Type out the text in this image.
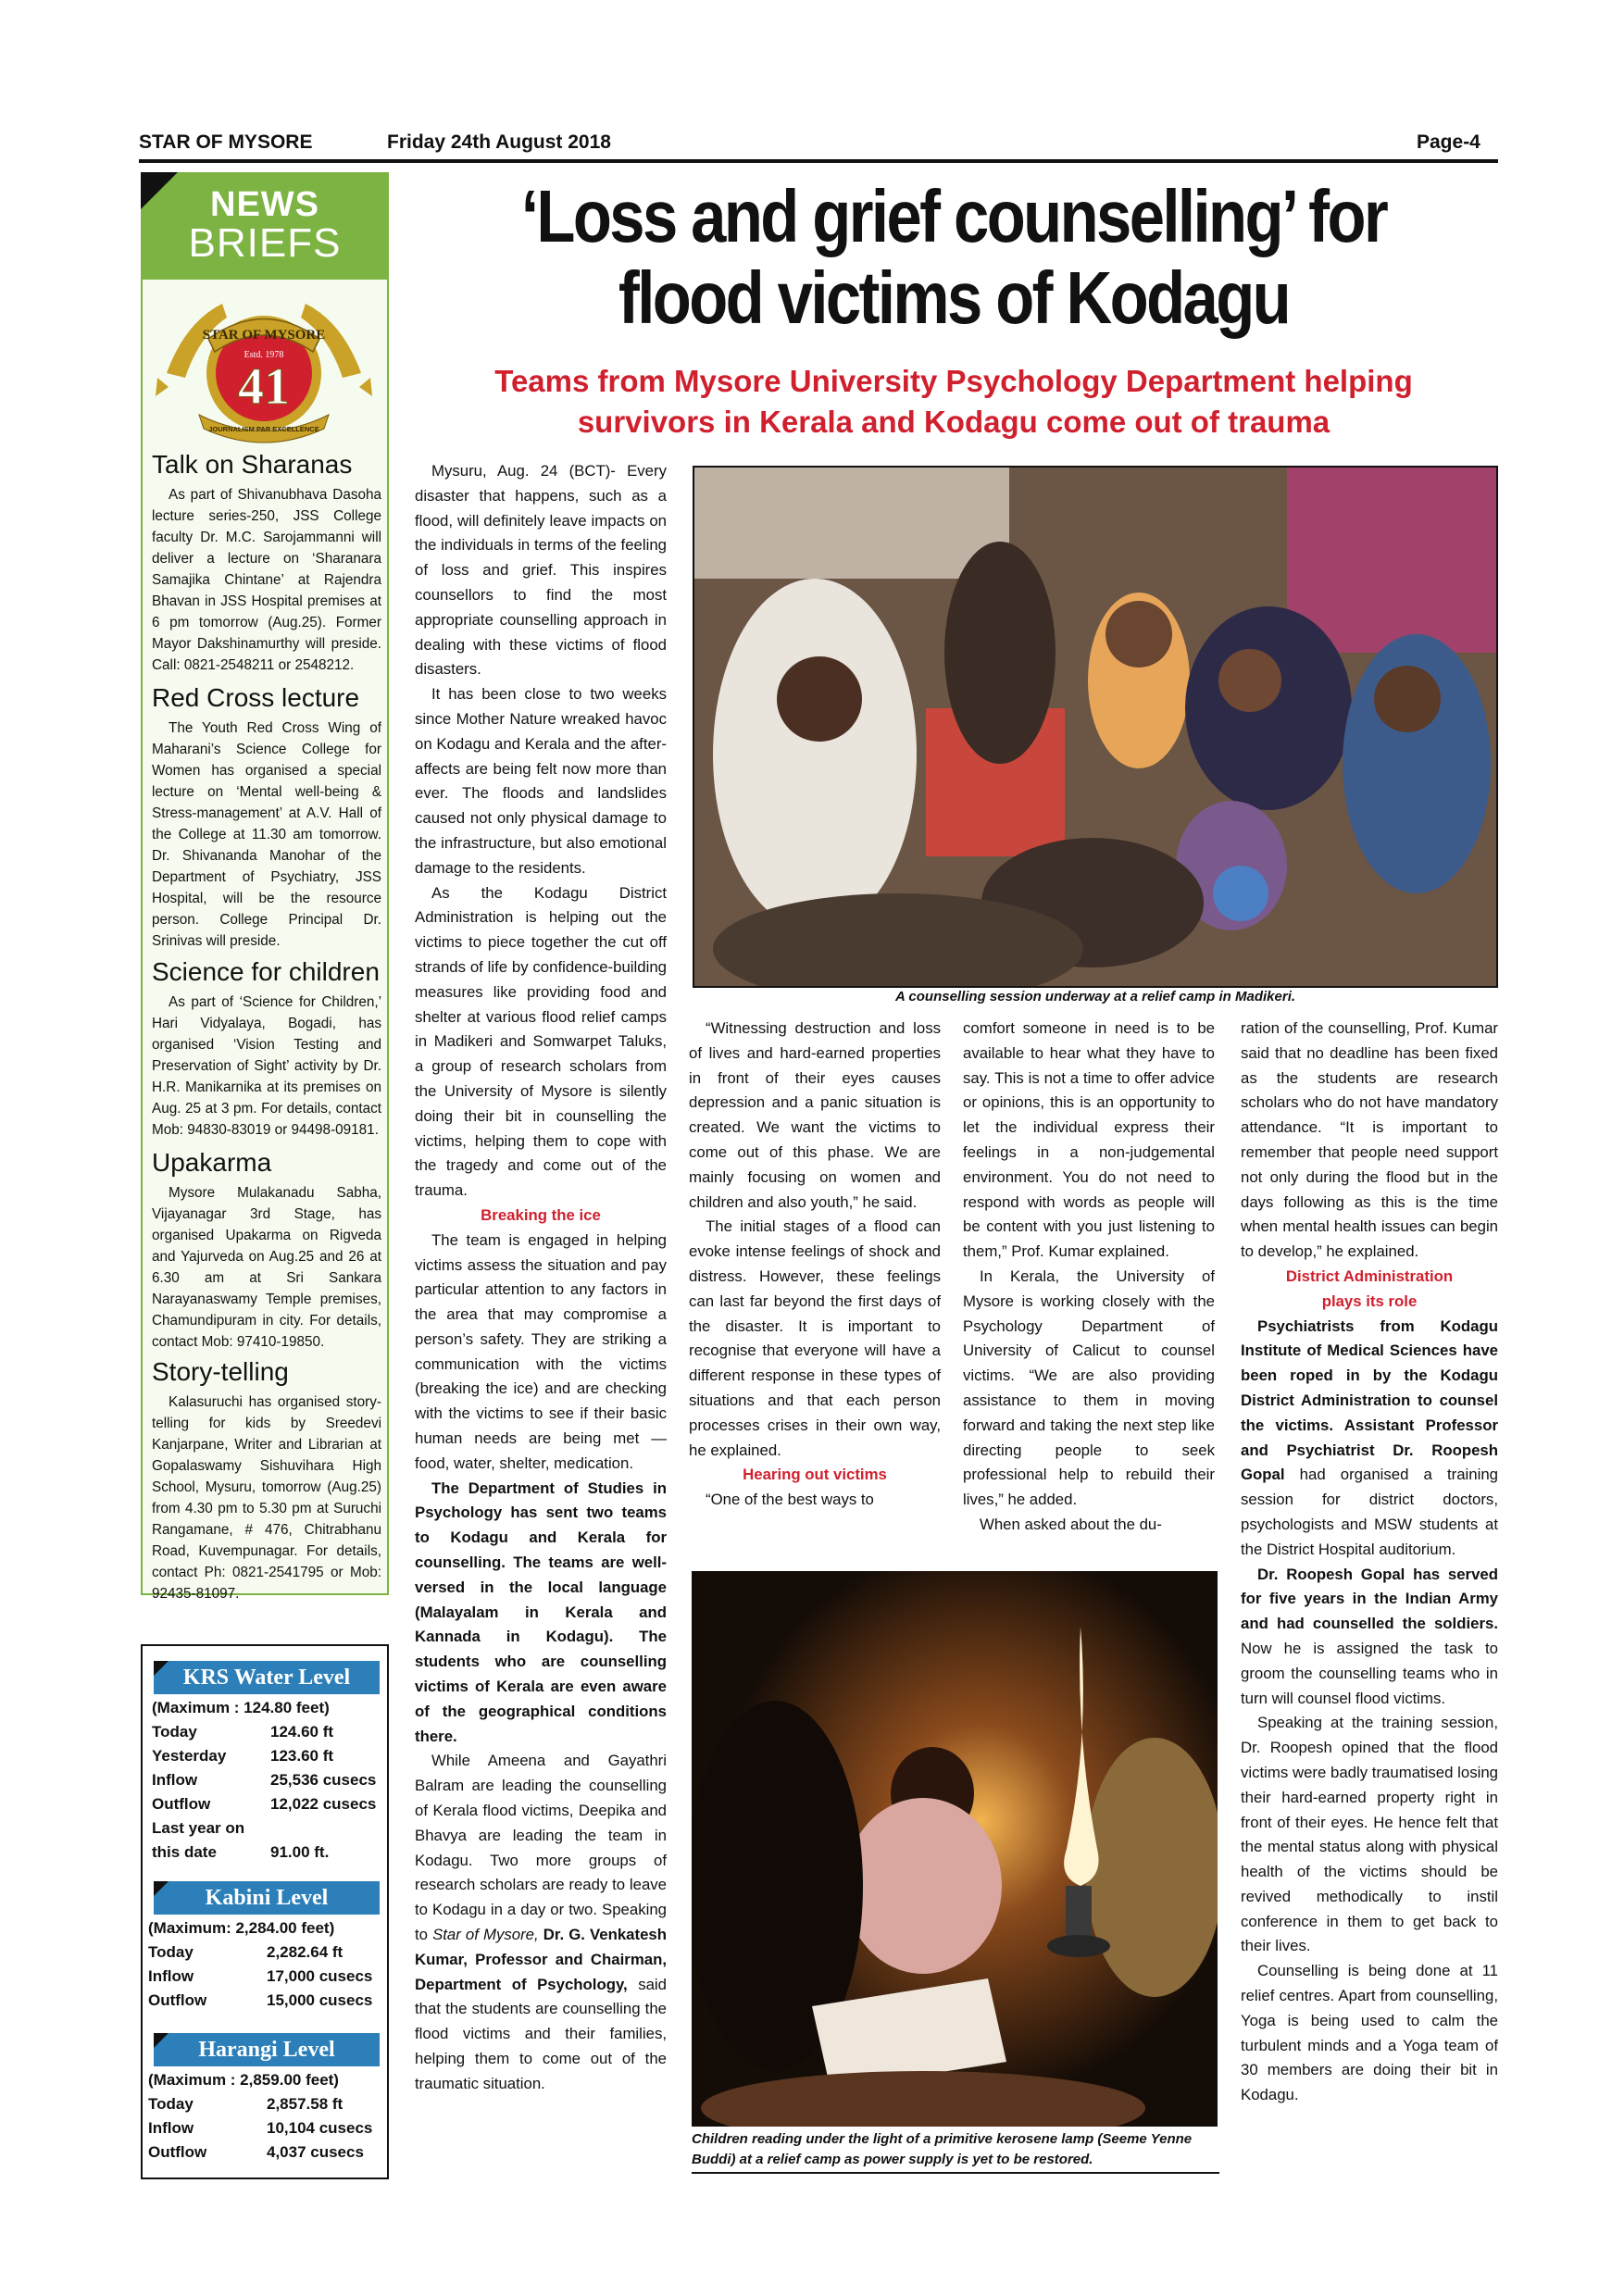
STAR OF MYSORE	Friday 24th August 2018	Page-4
NEWS
BRIEFS
STAR OF MYSORE
Estd. 1978
41
JOURNALISM PAR EXCELLENCE
Talk on Sharanas

As part of Shivanubhava Dasoha lecture series-250, JSS College faculty Dr. M.C. Sarojammanni will deliver a lecture on ‘Sharanara Samajika Chintane’ at Rajendra Bhavan in JSS Hospital premises at 6 pm tomorrow (Aug.25). Former Mayor Dakshinamurthy will preside. Call: 0821-2548211 or 2548212.

Red Cross lecture

The Youth Red Cross Wing of Maharani’s Science College for Women has organised a special lecture on ‘Mental well-being & Stress-management’ at A.V. Hall of the College at 11.30 am tomorrow. Dr. Shivananda Manohar of the Department of Psychiatry, JSS Hospital, will be the resource person. College Principal Dr. Srinivas will preside.

Science for children

As part of ‘Science for Children,’ Hari Vidyalaya, Bogadi, has organised ‘Vision Testing and Preservation of Sight’ activity by Dr. H.R. Manikarnika at its premises on Aug. 25 at 3 pm. For details, contact Mob: 94830-83019 or 94498-09181.

Upakarma

Mysore Mulakanadu Sabha, Vijayanagar 3rd Stage, has organised Upakarma on Rigveda and Yajurveda on Aug.25 and 26 at 6.30 am at Sri Sankara Narayanaswamy Temple premises, Chamundipuram in city. For details, contact Mob: 97410-19850.

Story-telling

Kalasuruchi has organised story-telling for kids by Sreedevi Kanjarpane, Writer and Librarian at Gopalaswamy Sishuvihara High School, Mysuru, tomorrow (Aug.25) from 4.30 pm to 5.30 pm at Suruchi Rangamane, # 476, Chitrabhanu Road, Kuvempunagar. For details, contact Ph: 0821-2541795 or Mob: 92435-81097.

KRS Water Level
(Maximum : 124.80 feet)
Today	124.60 ft
Yesterday	123.60 ft
Inflow	25,536 cusecs
Outflow	12,022 cusecs
Last year on
this date	91.00 ft.
Kabini Level
(Maximum: 2,284.00 feet)
Today	2,282.64 ft
Inflow	17,000 cusecs
Outflow	15,000 cusecs
Harangi Level
(Maximum : 2,859.00 feet)
Today	2,857.58 ft
Inflow	10,104 cusecs
Outflow	4,037 cusecs
‘Loss and grief counselling’ for
flood victims of Kodagu
Teams from Mysore University Psychology Department helping
survivors in Kerala and Kodagu come out of trauma

Mysuru, Aug. 24 (BCT)- Every disaster that happens, such as a flood, will definitely leave impacts on the individuals in terms of the feeling of loss and grief. This inspires counsellors to find the most appropriate counselling approach in dealing with these victims of flood disasters.

It has been close to two weeks since Mother Nature wreaked havoc on Kodagu and Kerala and the after-affects are being felt now more than ever. The floods and landslides caused not only physical damage to the infrastructure, but also emotional damage to the residents.

As the Kodagu District Administration is helping out the victims to piece together the cut off strands of life by confidence-building measures like providing food and shelter at various flood relief camps in Madikeri and Somwarpet Taluks, a group of research scholars from the University of Mysore is silently doing their bit in counselling the victims, helping them to cope with the tragedy and come out of the trauma.

Breaking the ice

The team is engaged in helping victims assess the situation and pay particular attention to any factors in the area that may compromise a person’s safety. They are striking a communication with the victims (breaking the ice) and are checking with the victims to see if their basic human needs are being met — food, water, shelter, medication.

The Department of Studies in Psychology has sent two teams to Kodagu and Kerala for counselling. The teams are well-versed in the local language (Malayalam in Kerala and Kannada in Kodagu). The students who are counselling victims of Kerala are even aware of the geographical conditions there.

While Ameena and Gayathri Balram are leading the counselling of Kerala flood victims, Deepika and Bhavya are leading the team in Kodagu. Two more groups of research scholars are ready to leave to Kodagu in a day or two. Speaking to Star of Mysore, Dr. G. Venkatesh Kumar, Professor and Chairman, Department of Psychology, said that the students are counselling the flood victims and their families, helping them to come out of the traumatic situation.

A counselling session underway at a relief camp in Madikeri.

“Witnessing destruction and loss of lives and hard-earned properties in front of their eyes causes depression and a panic situation is created. We want the victims to come out of this phase. We are mainly focusing on women and children and also youth,” he said.

The initial stages of a flood can evoke intense feelings of shock and distress. However, these feelings can last far beyond the first days of the disaster. It is important to recognise that everyone will have a different response in these types of situations and that each person processes crises in their own way, he explained.

Hearing out victims

“One of the best ways to

comfort someone in need is to be available to hear what they have to say. This is not a time to offer advice or opinions, this is an opportunity to let the individual express their feelings in a non-judgemental environment. You do not need to respond with words as people will be content with you just listening to them,” Prof. Kumar explained.

In Kerala, the University of Mysore is working closely with the Psychology Department of University of Calicut to counsel victims. “We are also providing assistance to them in moving forward and taking the next step like directing people to seek professional help to rebuild their lives,” he added.

When asked about the du-

Children reading under the light of a primitive kerosene lamp (Seeme Yenne Buddi) at a relief camp as power supply is yet to be restored.

ration of the counselling, Prof. Kumar said that no deadline has been fixed as the students are research scholars who do not have mandatory attendance. “It is important to remember that people need support not only during the flood but in the days following as this is the time when mental health issues can begin to develop,” he explained.

District Administration

plays its role

Psychiatrists from Kodagu Institute of Medical Sciences have been roped in by the Kodagu District Administration to counsel the victims. Assistant Professor and Psychiatrist Dr. Roopesh Gopal had organised a training session for district doctors, psychologists and MSW students at the District Hospital auditorium.

Dr. Roopesh Gopal has served for five years in the Indian Army and had counselled the soldiers. Now he is assigned the task to groom the counselling teams who in turn will counsel flood victims.

Speaking at the training session, Dr. Roopesh opined that the flood victims were badly traumatised losing their hard-earned property right in front of their eyes. He hence felt that the mental status along with physical health of the victims should be revived methodically to instil conference in them to get back to their lives.

Counselling is being done at 11 relief centres. Apart from counselling, Yoga is being used to calm the turbulent minds and a Yoga team of 30 members are doing their bit in Kodagu.
